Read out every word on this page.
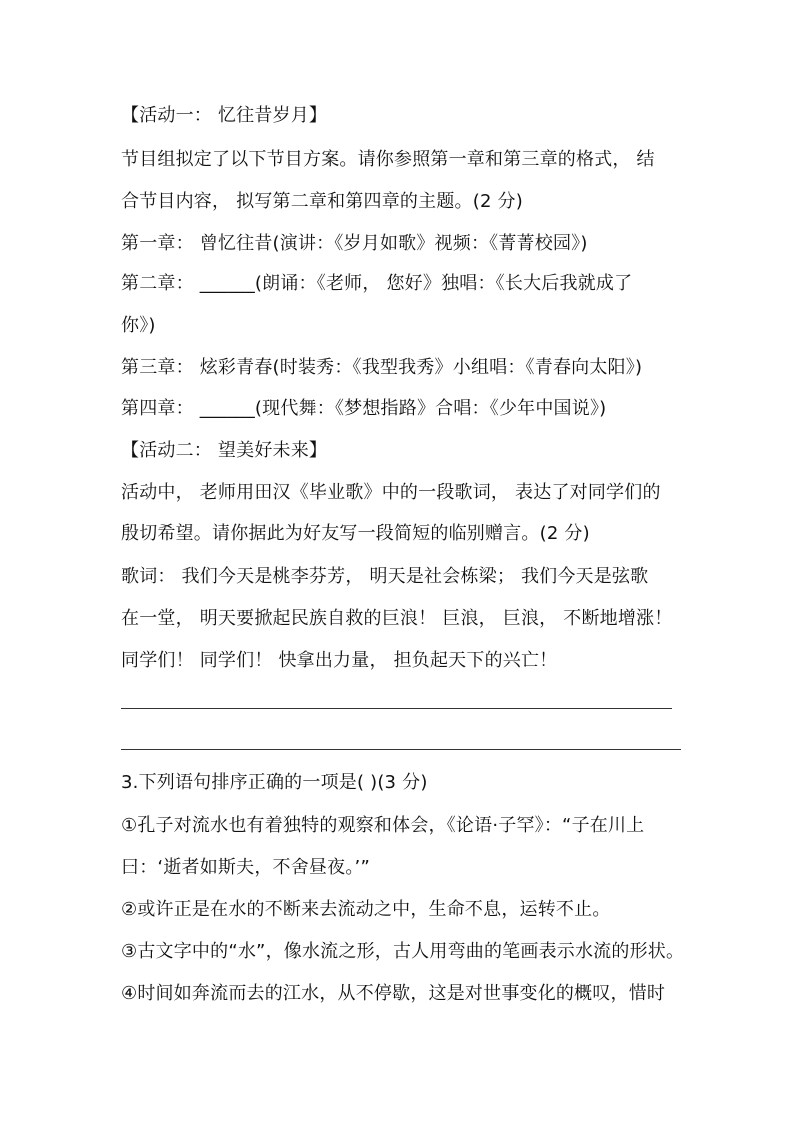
【活动一： 忆往昔岁月】
节目组拟定了以下节目方案。请你参照第一章和第三章的格式， 结
合节目内容， 拟写第二章和第四章的主题。(2 分)
第一章： 曾忆往昔(演讲：《岁月如歌》视频：《菁菁校园》)
第二章： ______(朗诵：《老师， 您好》独唱：《长大后我就成了
你》)
第三章： 炫彩青春(时装秀：《我型我秀》小组唱：《青春向太阳》)
第四章： ______(现代舞：《梦想指路》合唱：《少年中国说》)
【活动二： 望美好未来】
活动中， 老师用田汉《毕业歌》中的一段歌词， 表达了对同学们的
殷切希望。请你据此为好友写一段简短的临别赠言。(2 分)
歌词： 我们今天是桃李芬芳， 明天是社会栋梁； 我们今天是弦歌
在一堂， 明天要掀起民族自救的巨浪！ 巨浪， 巨浪， 不断地增涨！
同学们！ 同学们！ 快拿出力量， 担负起天下的兴亡！
3.下列语句排序正确的一项是( )(3 分)
①孔子对流水也有着独特的观察和体会，《论语·子罕》：“子在川上
曰：‘逝者如斯夫，不舍昼夜。’”
②或许正是在水的不断来去流动之中，生命不息，运转不止。
③古文字中的“水”，像水流之形，古人用弯曲的笔画表示水流的形状。
④时间如奔流而去的江水，从不停歇，这是对世事变化的概叹，惜时
